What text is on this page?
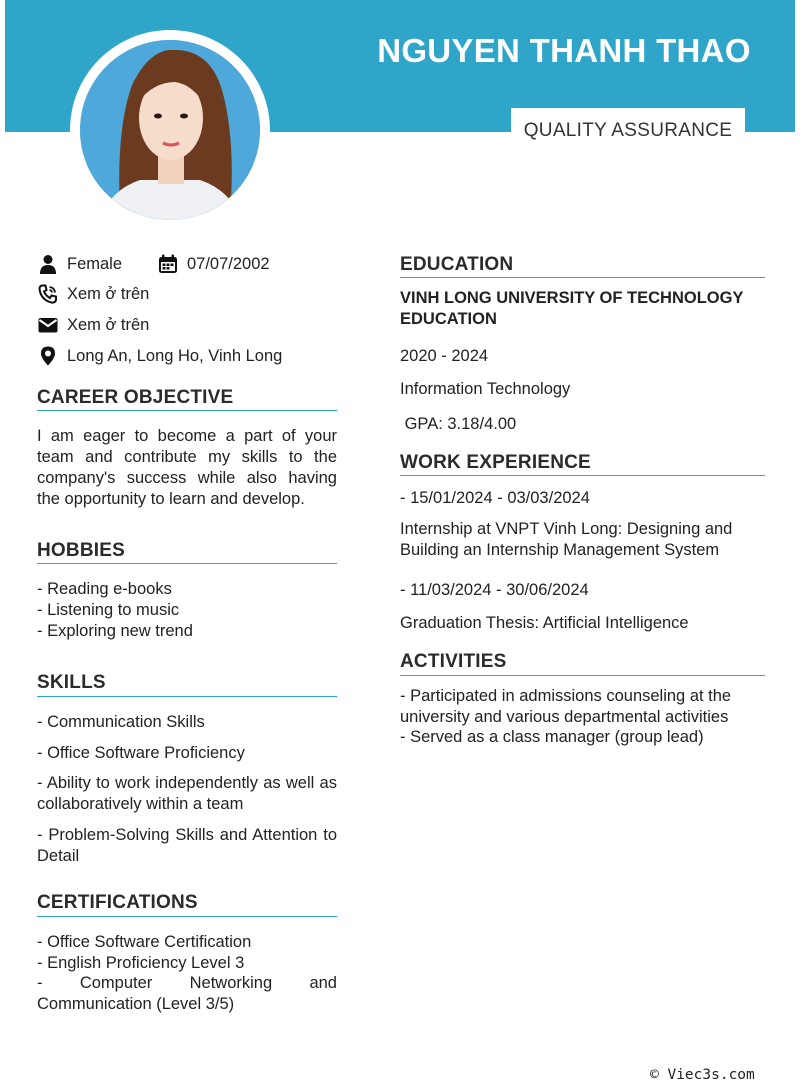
NGUYEN THANH THAO
QUALITY ASSURANCE
Female	07/07/2002
Xem ở trên
Xem ở trên
Long An, Long Ho, Vinh Long
CAREER OBJECTIVE
I am eager to become a part of your team and contribute my skills to the company's success while also having the opportunity to learn and develop.
HOBBIES
- Reading e-books
- Listening to music
- Exploring new trend
SKILLS
- Communication Skills
- Office Software Proficiency
- Ability to work independently as well as collaboratively within a team
- Problem-Solving Skills and Attention to Detail
CERTIFICATIONS
- Office Software Certification
- English Proficiency Level 3
- Computer Networking and Communication (Level 3/5)
EDUCATION
VINH LONG UNIVERSITY OF TECHNOLOGY EDUCATION
2020 - 2024
Information Technology
GPA: 3.18/4.00
WORK EXPERIENCE
- 15/01/2024 - 03/03/2024
Internship at VNPT Vinh Long: Designing and Building an Internship Management System
- 11/03/2024 - 30/06/2024
Graduation Thesis: Artificial Intelligence
ACTIVITIES
- Participated in admissions counseling at the university and various departmental activities
- Served as a class manager (group lead)
© Viec3s.com
